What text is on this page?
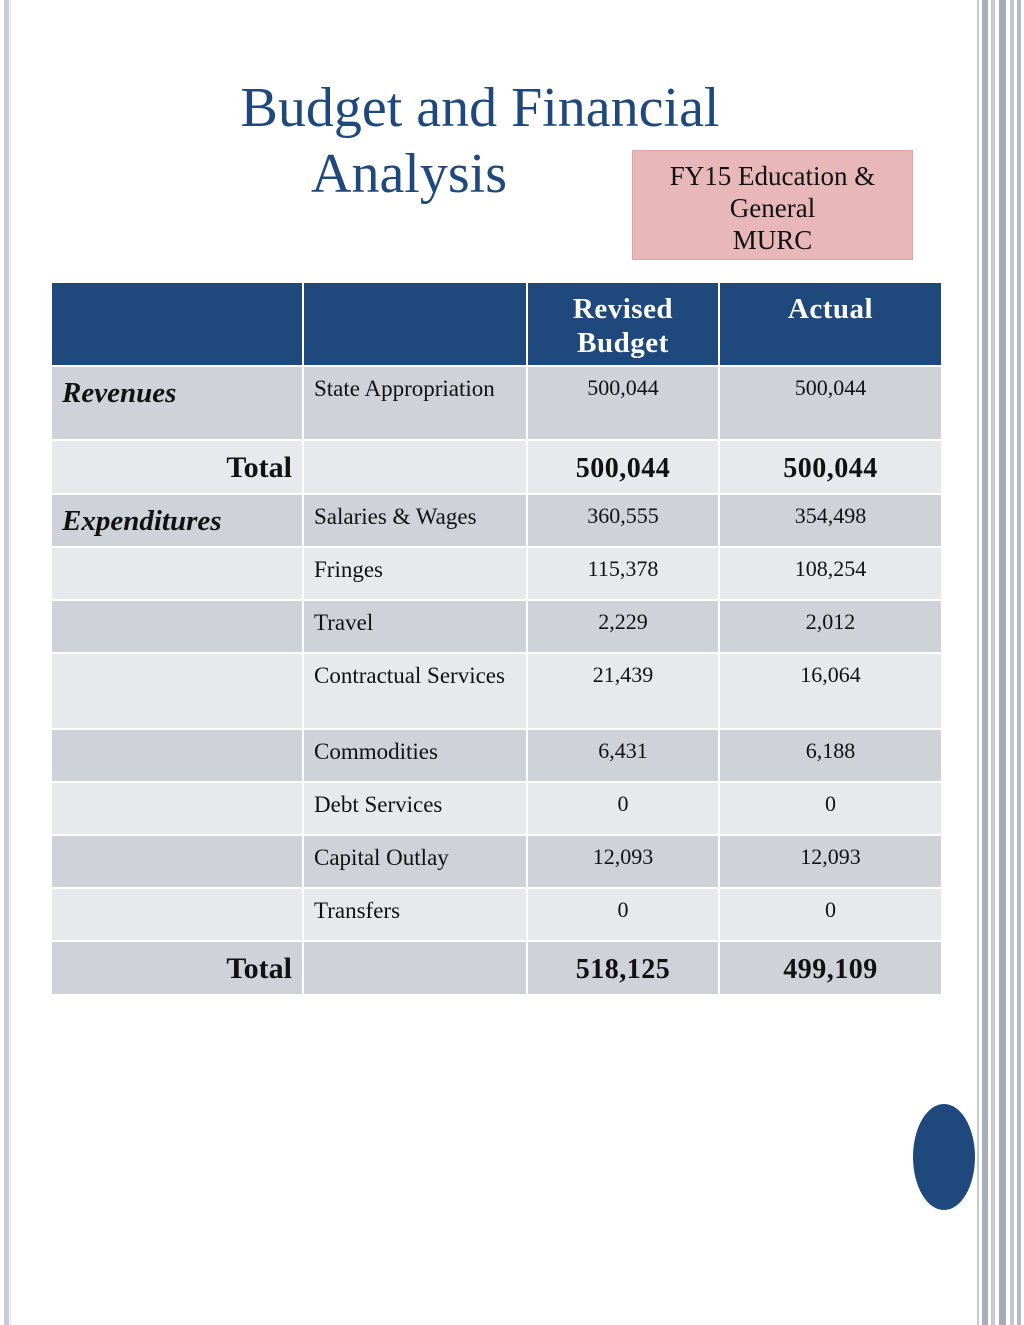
Budget and Financial
Analysis	FY15 Education &
General
MURC
		Revised Budget	Actual
Revenues	State Appropriation	500,044	500,044
Total		500,044	500,044
Expenditures	Salaries & Wages	360,555	354,498
	Fringes	115,378	108,254
	Travel	2,229	2,012
	Contractual Services	21,439	16,064
	Commodities	6,431	6,188
	Debt Services	0	0
	Capital Outlay	12,093	12,093
	Transfers	0	0
Total		518,125	499,109
